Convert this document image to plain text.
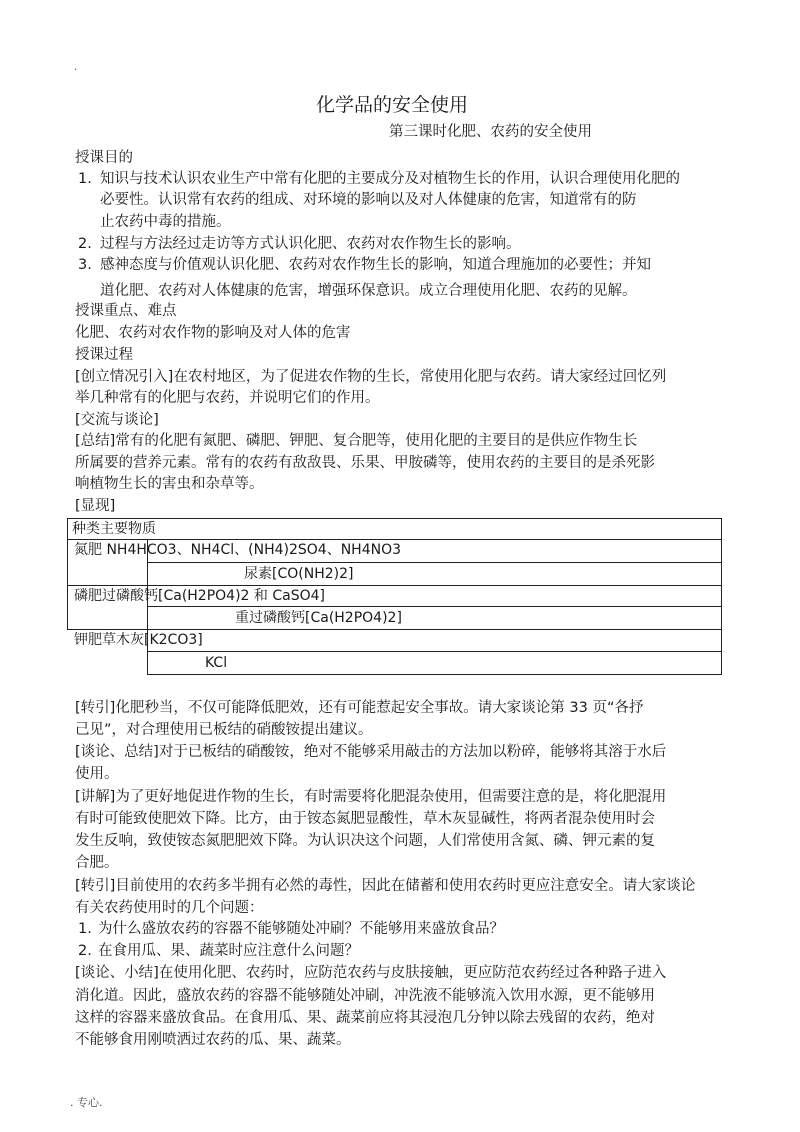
.
化学品的安全使用
第三课时化肥、农药的安全使用
授课目的
1. 知识与技术认识农业生产中常有化肥的主要成分及对植物生长的作用，认识合理使用化肥的
必要性。认识常有农药的组成、对环境的影响以及对人体健康的危害，知道常有的防
止农药中毒的措施。
2. 过程与方法经过走访等方式认识化肥、农药对农作物生长的影响。
3. 感神态度与价值观认识化肥、农药对农作物生长的影响，知道合理施加的必要性；并知
道化肥、农药对人体健康的危害，增强环保意识。成立合理使用化肥、农药的见解。
授课重点、难点
化肥、农药对农作物的影响及对人体的危害
授课过程
[创立情况引入]在农村地区，为了促进农作物的生长，常使用化肥与农药。请大家经过回忆列
举几种常有的化肥与农药，并说明它们的作用。
[交流与谈论]
[总结]常有的化肥有氮肥、磷肥、钾肥、复合肥等，使用化肥的主要目的是供应作物生长
所属要的营养元素。常有的农药有敌敌畏、乐果、甲胺磷等，使用农药的主要目的是杀死影
响植物生长的害虫和杂草等。
[显现]
种类主要物质
氮肥 NH4HCO3、NH4Cl、(NH4)2SO4、NH4NO3
尿素[CO(NH2)2]
磷肥过磷酸钙[Ca(H2PO4)2 和 CaSO4]
重过磷酸钙[Ca(H2PO4)2]
钾肥草木灰[K2CO3]
KCl
[转引]化肥秒当，不仅可能降低肥效，还有可能惹起安全事故。请大家谈论第 33 页“各抒
己见”，对合理使用已板结的硝酸铵提出建议。
[谈论、总结]对于已板结的硝酸铵，绝对不能够采用敲击的方法加以粉碎，能够将其溶于水后
使用。
[讲解]为了更好地促进作物的生长，有时需要将化肥混杂使用，但需要注意的是，将化肥混用
有时可能致使肥效下降。比方，由于铵态氮肥显酸性，草木灰显碱性，将两者混杂使用时会
发生反响，致使铵态氮肥肥效下降。为认识决这个问题，人们常使用含氮、磷、钾元素的复
合肥。
[转引]目前使用的农药多半拥有必然的毒性，因此在储蓄和使用农药时更应注意安全。请大家谈论
有关农药使用时的几个问题：
1. 为什么盛放农药的容器不能够随处冲刷？不能够用来盛放食品？
2. 在食用瓜、果、蔬菜时应注意什么问题？
[谈论、小结]在使用化肥、农药时，应防范农药与皮肤接触，更应防范农药经过各种路子进入
消化道。因此，盛放农药的容器不能够随处冲刷，冲洗液不能够流入饮用水源，更不能够用
这样的容器来盛放食品。在食用瓜、果、蔬菜前应将其浸泡几分钟以除去残留的农药，绝对
不能够食用刚喷洒过农药的瓜、果、蔬菜。
. 专心.
